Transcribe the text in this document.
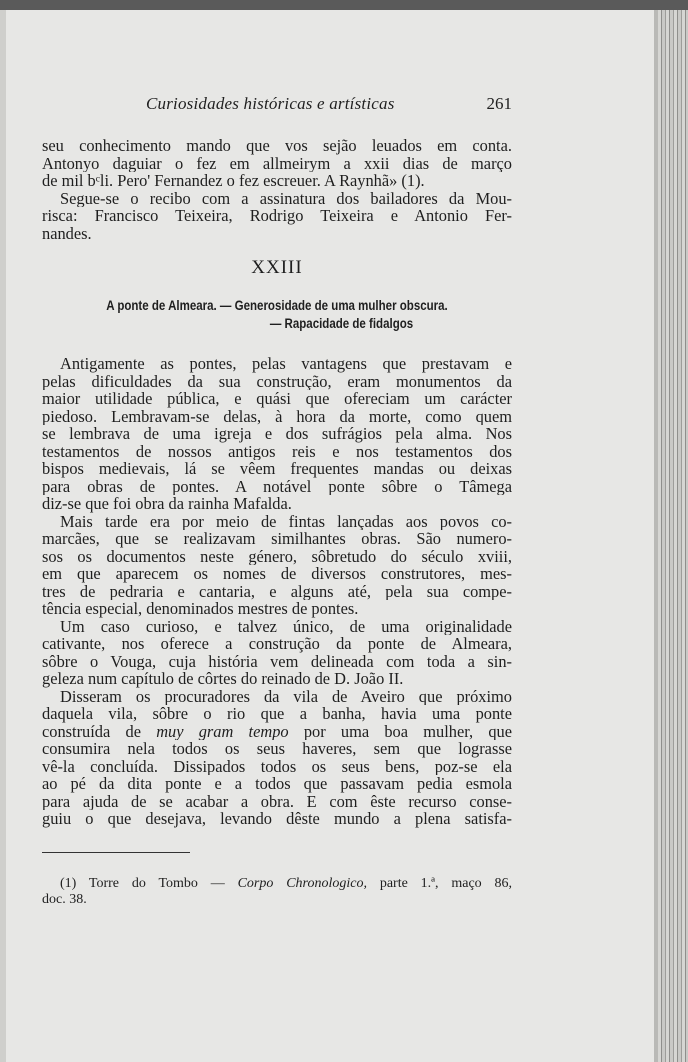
Curiosidades históricas e artísticas	261
seu conhecimento mando que vos sejão leuados em conta.
Antonyo daguiar o fez em allmeirym a xxii dias de março
de mil bᶜli. Pero' Fernandez o fez escreuer. A Raynhã» (1).
Segue-se o recibo com a assinatura dos bailadores da Mou-
risca: Francisco Teixeira, Rodrigo Teixeira e Antonio Fer-
nandes.
XXIII
A ponte de Almeara. — Generosidade de uma mulher obscura.
— Rapacidade de fidalgos
Antigamente as pontes, pelas vantagens que prestavam e
pelas dificuldades da sua construção, eram monumentos da
maior utilidade pública, e quási que ofereciam um carácter
piedoso. Lembravam-se delas, à hora da morte, como quem
se lembrava de uma igreja e dos sufrágios pela alma. Nos
testamentos de nossos antigos reis e nos testamentos dos
bispos medievais, lá se vêem frequentes mandas ou deixas
para obras de pontes. A notável ponte sôbre o Tâmega
diz-se que foi obra da rainha Mafalda.
Mais tarde era por meio de fintas lançadas aos povos co-
marcães, que se realizavam similhantes obras. São numero-
sos os documentos neste género, sôbretudo do século xviii,
em que aparecem os nomes de diversos construtores, mes-
tres de pedraria e cantaria, e alguns até, pela sua compe-
tência especial, denominados mestres de pontes.
Um caso curioso, e talvez único, de uma originalidade
cativante, nos oferece a construção da ponte de Almeara,
sôbre o Vouga, cuja história vem delineada com toda a sin-
geleza num capítulo de côrtes do reinado de D. João II.
Disseram os procuradores da vila de Aveiro que próximo
daquela vila, sôbre o rio que a banha, havia uma ponte
construída de muy gram tempo por uma boa mulher, que
consumira nela todos os seus haveres, sem que lograsse
vê-la concluída. Dissipados todos os seus bens, poz-se ela
ao pé da dita ponte e a todos que passavam pedia esmola
para ajuda de se acabar a obra. E com êste recurso conse-
guiu o que desejava, levando dêste mundo a plena satisfa-
(1) Torre do Tombo — Corpo Chronologico, parte 1.ª, maço 86,
doc. 38.
